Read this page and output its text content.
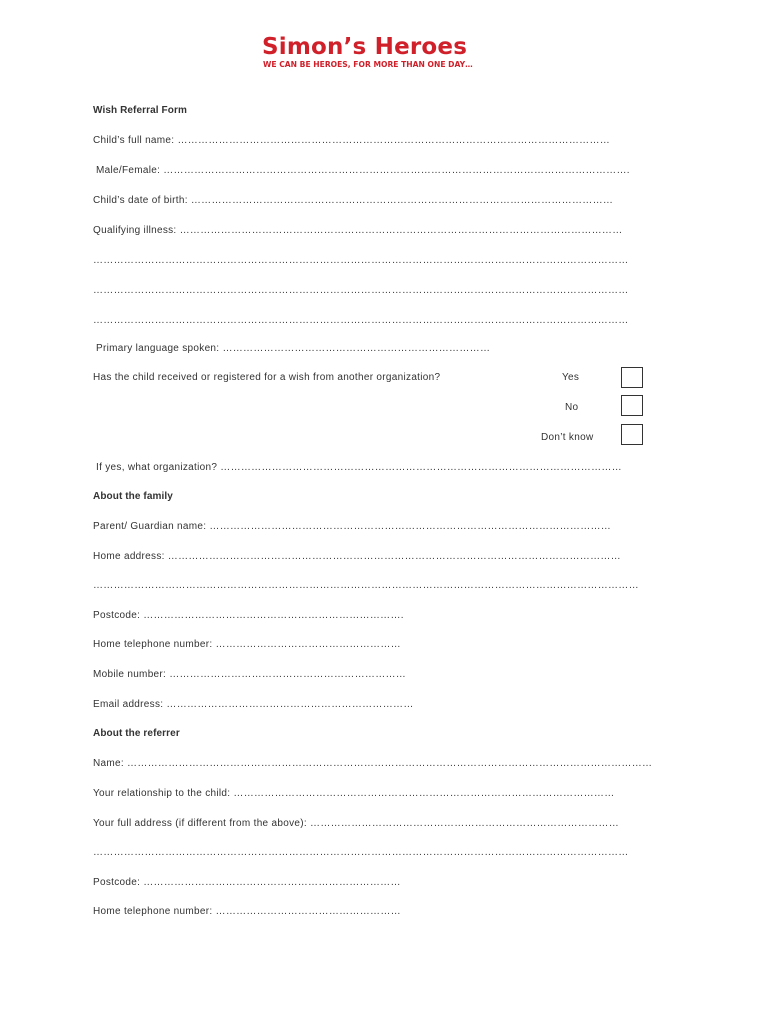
Simon’s Heroes
WE CAN BE HEROES, FOR MORE THAN ONE DAY…
Wish Referral Form
Child’s full name: ………………………………………………………………………………………………………………
Male/Female: ……………………………………………………………………………………………………………………….
Child’s date of birth: ……………………………………………………………………………………………………………
Qualifying illness: …………………………………………………………………………………………………………………
…………………………………………………………………………………………………………………………………………
…………………………………………………………………………………………………………………………………………
…………………………………………………………………………………………………………………………………………
Primary language spoken: ……………………………………………………………………
Has the child received or registered for a wish from another organization?	Yes
No
Don’t know
If yes, what organization? ………………………………………………………………………………………………………
About the family
Parent/ Guardian name: ………………………………………………………………………………………………………
Home address: ……………………………………………………………………………………………………………………
……………………………………………………………………………………………………………………………………………
Postcode: ………………………………………………………………….
Home telephone number: ………………………………………………
Mobile number: ……………………………………………………………
Email address: ………………………………………………………………
About the referrer
Name: ………………………………………………………………………………………………………………………………………
Your relationship to the child: …………………………………………………………………………………………………
Your full address (if different from the above): ………………………………………………………………………………
…………………………………………………………………………………………………………………………………………
Postcode: …………………………………………………………………
Home telephone number: ………………………………………………
